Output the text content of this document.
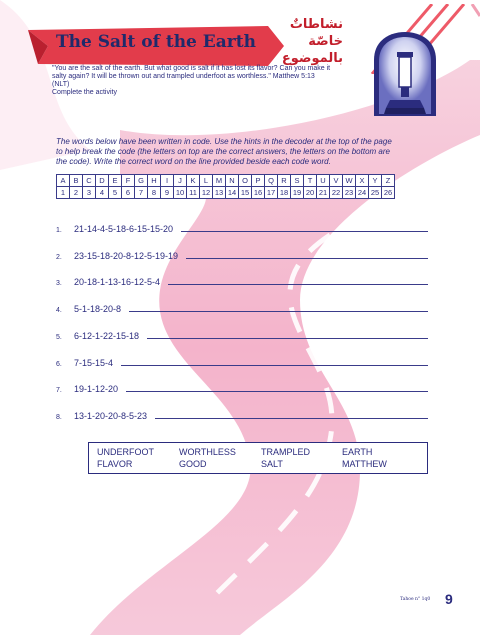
The Salt of the Earth
نشاطاتٌ خاصّة
بالموضوع
"You are the salt of the earth. But what good is salt if it has lost its flavor? Can you make it
salty again? It will be thrown out and trampled underfoot as worthless." Matthew 5:13
(NLT)
Complete the activity
The words below have been written in code. Use the hints in the decoder at the top of the page to help break the code (the letters on top are the correct answers, the letters on the bottom are the code). Write the correct word on the line provided beside each code word.
A	B	C	D	E	F	G	H	I	J	K	L	M	N	O	P	Q	R	S	T	U	V	W	X	Y	Z
1	2	3	4	5	6	7	8	9	10	11	12	13	14	15	16	17	18	19	20	21	22	23	24	25	26
1.	21-14-4-5-18-6-15-15-20
2.	23-15-18-20-8-12-5-19-19
3.	20-18-1-13-16-12-5-4
4.	5-1-18-20-8
5.	6-12-1-22-15-18
6.	7-15-15-4
7.	19-1-12-20
8.	13-1-20-20-8-5-23
UNDERFOOT	WORTHLESS	TRAMPLED	EARTH
FLAVOR	GOOD	SALT	MATTHEW
Tahoe n° 1q0 9
